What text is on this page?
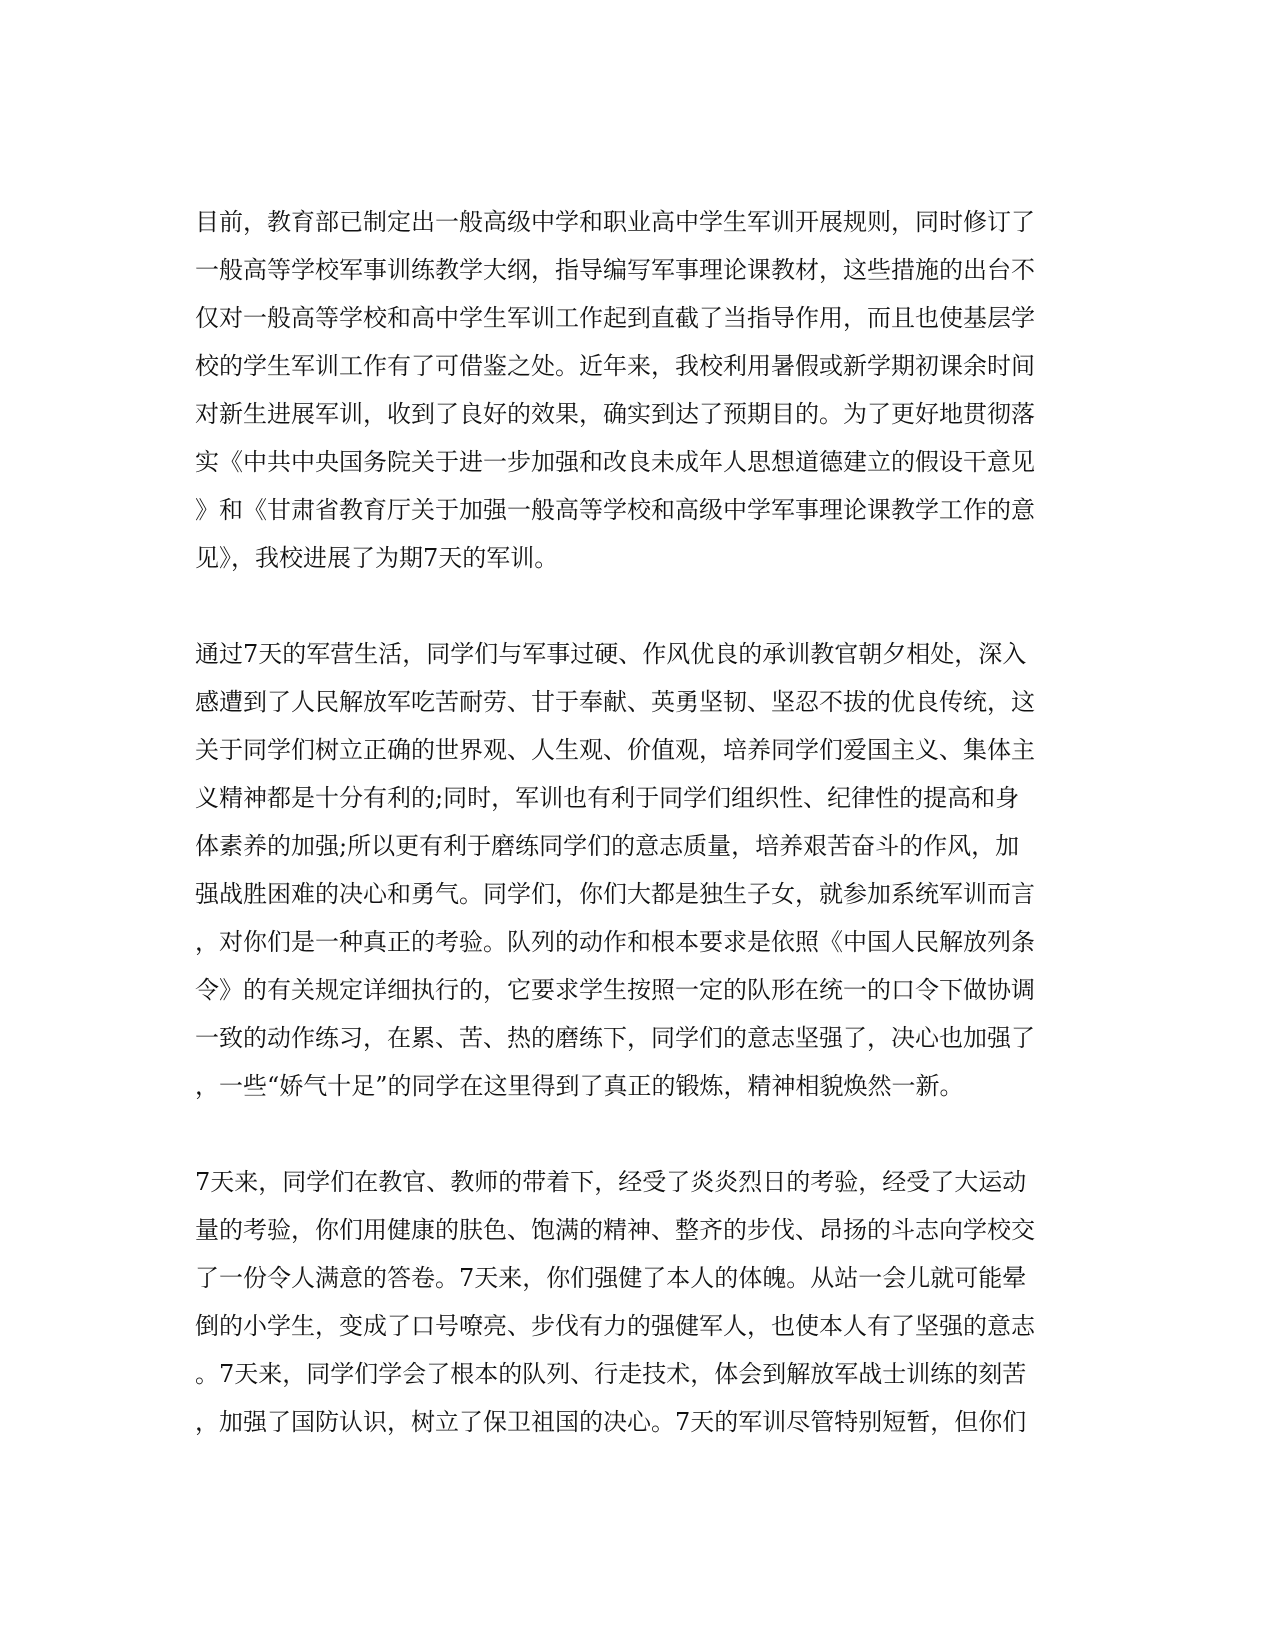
目前，教育部已制定出一般高级中学和职业高中学生军训开展规则，同时修订了
一般高等学校军事训练教学大纲，指导编写军事理论课教材，这些措施的出台不
仅对一般高等学校和高中学生军训工作起到直截了当指导作用，而且也使基层学
校的学生军训工作有了可借鉴之处。近年来，我校利用暑假或新学期初课余时间
对新生进展军训，收到了良好的效果，确实到达了预期目的。为了更好地贯彻落
实《中共中央国务院关于进一步加强和改良未成年人思想道德建立的假设干意见
》和《甘肃省教育厅关于加强一般高等学校和高级中学军事理论课教学工作的意
见》，我校进展了为期7天的军训。

通过7天的军营生活，同学们与军事过硬、作风优良的承训教官朝夕相处，深入
感遭到了人民解放军吃苦耐劳、甘于奉献、英勇坚韧、坚忍不拔的优良传统，这
关于同学们树立正确的世界观、人生观、价值观，培养同学们爱国主义、集体主
义精神都是十分有利的;同时，军训也有利于同学们组织性、纪律性的提高和身
体素养的加强;所以更有利于磨练同学们的意志质量，培养艰苦奋斗的作风，加
强战胜困难的决心和勇气。同学们，你们大都是独生子女，就参加系统军训而言
，对你们是一种真正的考验。队列的动作和根本要求是依照《中国人民解放列条
令》的有关规定详细执行的，它要求学生按照一定的队形在统一的口令下做协调
一致的动作练习，在累、苦、热的磨练下，同学们的意志坚强了，决心也加强了
，一些“娇气十足”的同学在这里得到了真正的锻炼，精神相貌焕然一新。

7天来，同学们在教官、教师的带着下，经受了炎炎烈日的考验，经受了大运动
量的考验，你们用健康的肤色、饱满的精神、整齐的步伐、昂扬的斗志向学校交
了一份令人满意的答卷。7天来，你们强健了本人的体魄。从站一会儿就可能晕
倒的小学生，变成了口号嘹亮、步伐有力的强健军人，也使本人有了坚强的意志
。7天来，同学们学会了根本的队列、行走技术，体会到解放军战士训练的刻苦
，加强了国防认识，树立了保卫祖国的决心。7天的军训尽管特别短暂，但你们
